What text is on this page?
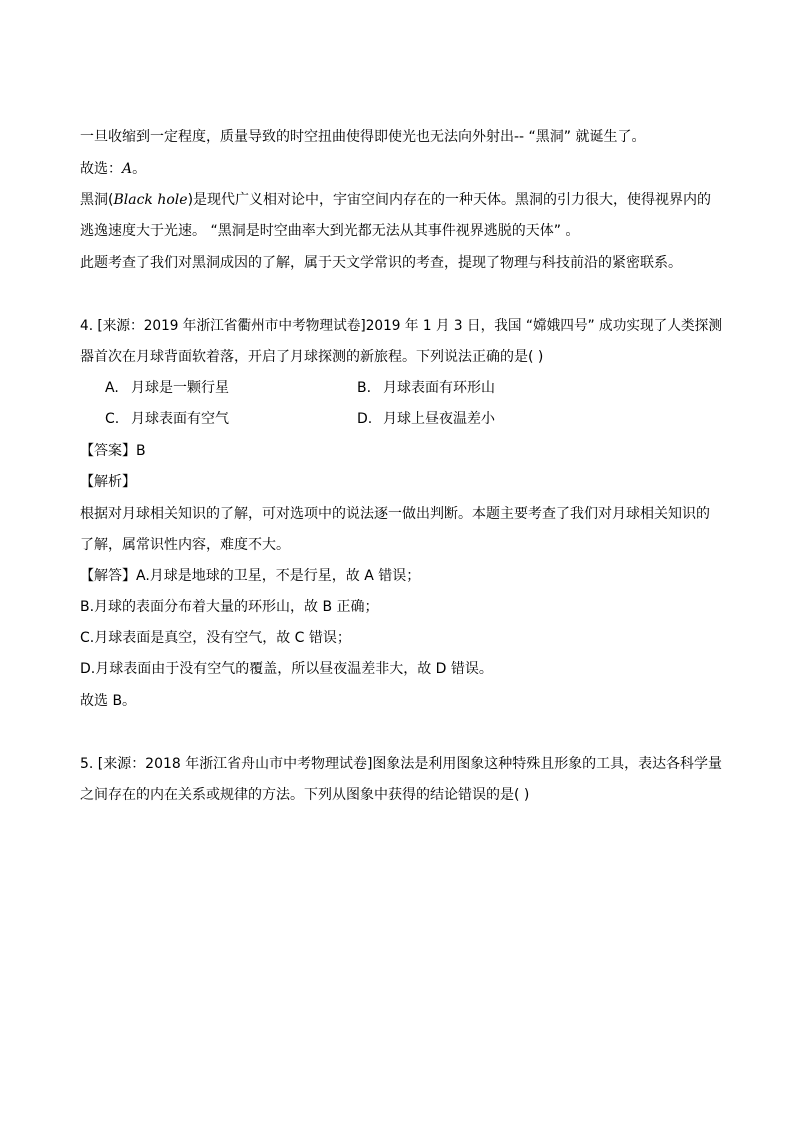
一旦收缩到一定程度，质量导致的时空扭曲使得即使光也无法向外射出-- “黑洞” 就诞生了。
故选：A。
黑洞(Black hole)是现代广义相对论中，宇宙空间内存在的一种天体。黑洞的引力很大，使得视界内的
逃逸速度大于光速。 “黑洞是时空曲率大到光都无法从其事件视界逃脱的天体” 。
此题考查了我们对黑洞成因的了解，属于天文学常识的考查，提现了物理与科技前沿的紧密联系。
4. [来源：2019 年浙江省衢州市中考物理试卷]2019 年 1 月 3 日，我国 “嫦娥四号” 成功实现了人类探测
器首次在月球背面软着落，开启了月球探测的新旅程。下列说法正确的是( )
A. 月球是一颗行星	B. 月球表面有环形山
C. 月球表面有空气	D. 月球上昼夜温差小
【答案】B
【解析】
根据对月球相关知识的了解，可对选项中的说法逐一做出判断。本题主要考查了我们对月球相关知识的
了解，属常识性内容，难度不大。
【解答】A.月球是地球的卫星，不是行星，故 A 错误；
B.月球的表面分布着大量的环形山，故 B 正确；
C.月球表面是真空，没有空气，故 C 错误；
D.月球表面由于没有空气的覆盖，所以昼夜温差非大，故 D 错误。
故选 B。
5. [来源：2018 年浙江省舟山市中考物理试卷]图象法是利用图象这种特殊且形象的工具，表达各科学量
之间存在的内在关系或规律的方法。下列从图象中获得的结论错误的是( )
